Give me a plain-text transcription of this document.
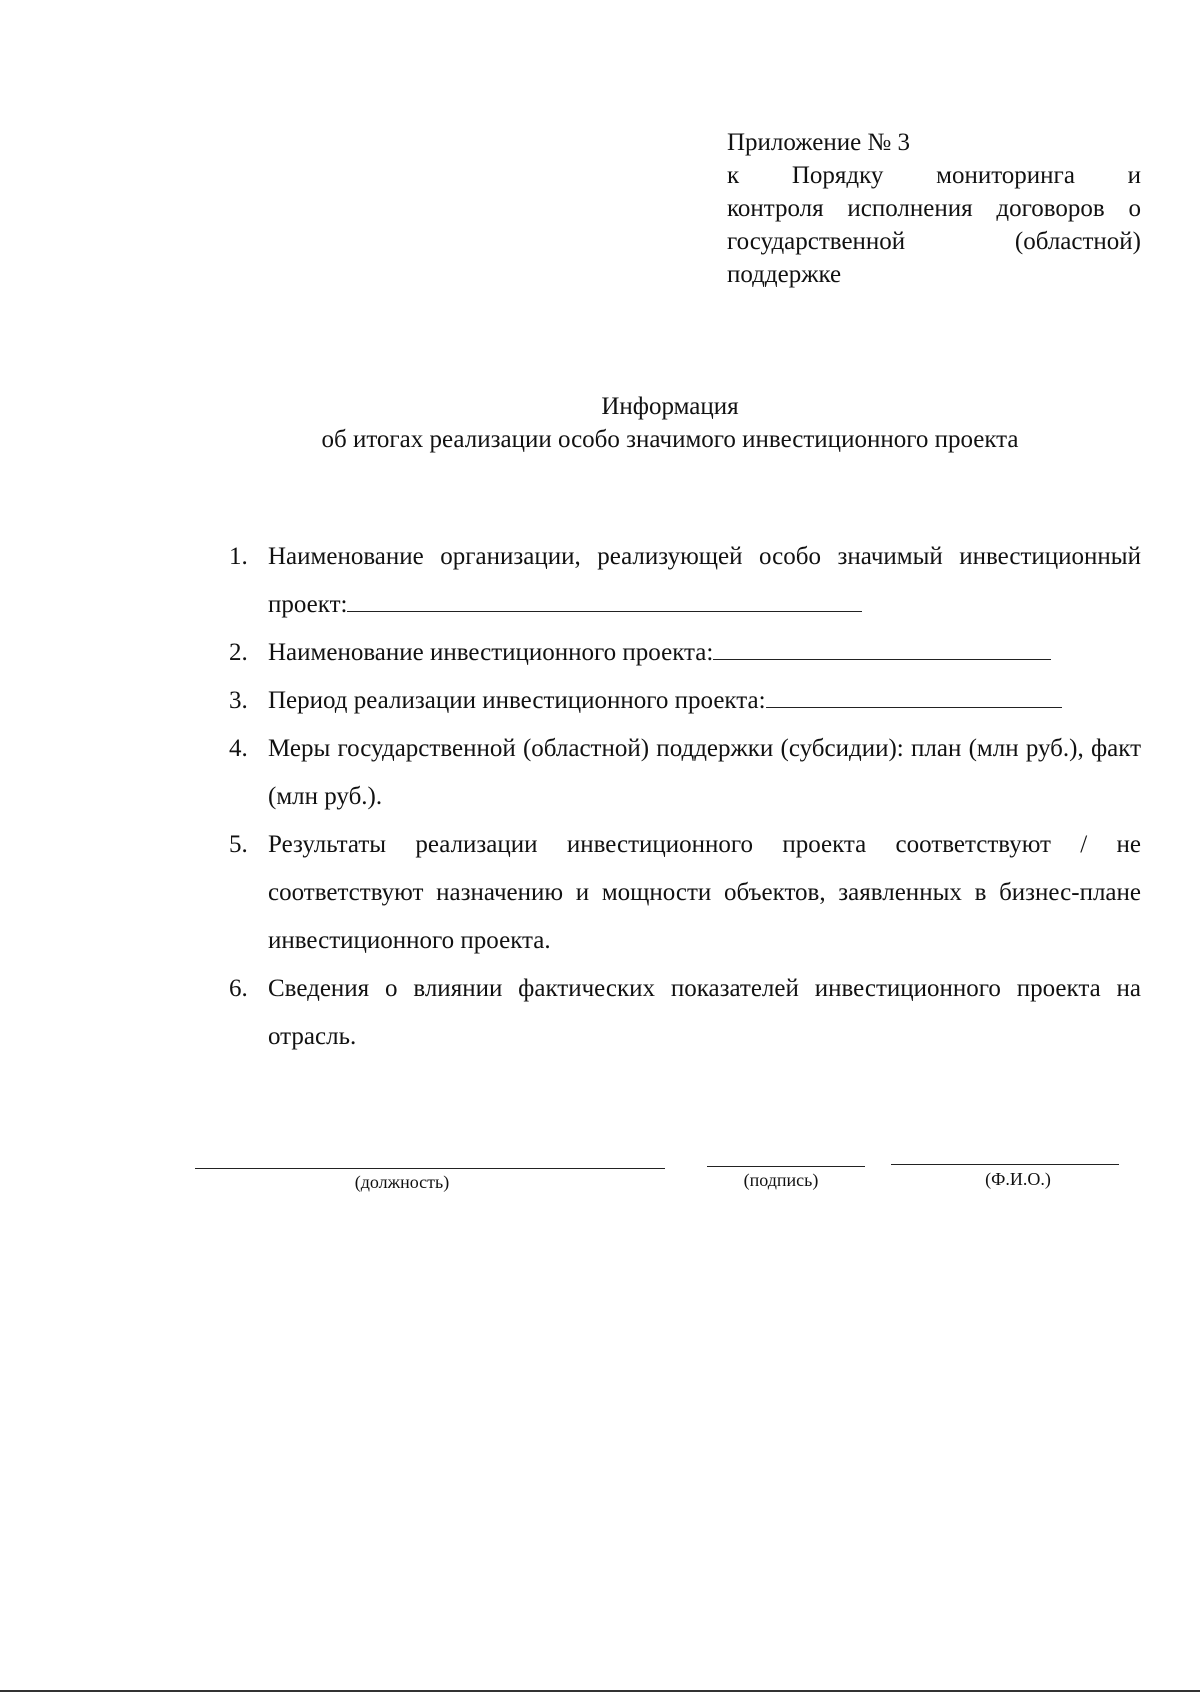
Приложение № 3
к Порядку мониторинга и
контроля исполнения договоров о
государственной (областной)
поддержке
Информация
об итогах реализации особо значимого инвестиционного проекта
1. Наименование организации, реализующей особо значимый инвестиционный проект:
2. Наименование инвестиционного проекта:
3. Период реализации инвестиционного проекта:
4. Меры государственной (областной) поддержки (субсидии): план (млн руб.), факт (млн руб.).
5. Результаты реализации инвестиционного проекта соответствуют / не соответствуют назначению и мощности объектов, заявленных в бизнес-плане инвестиционного проекта.
6. Сведения о влиянии фактических показателей инвестиционного проекта на отрасль.
(должность)	(подпись)	(Ф.И.О.)
